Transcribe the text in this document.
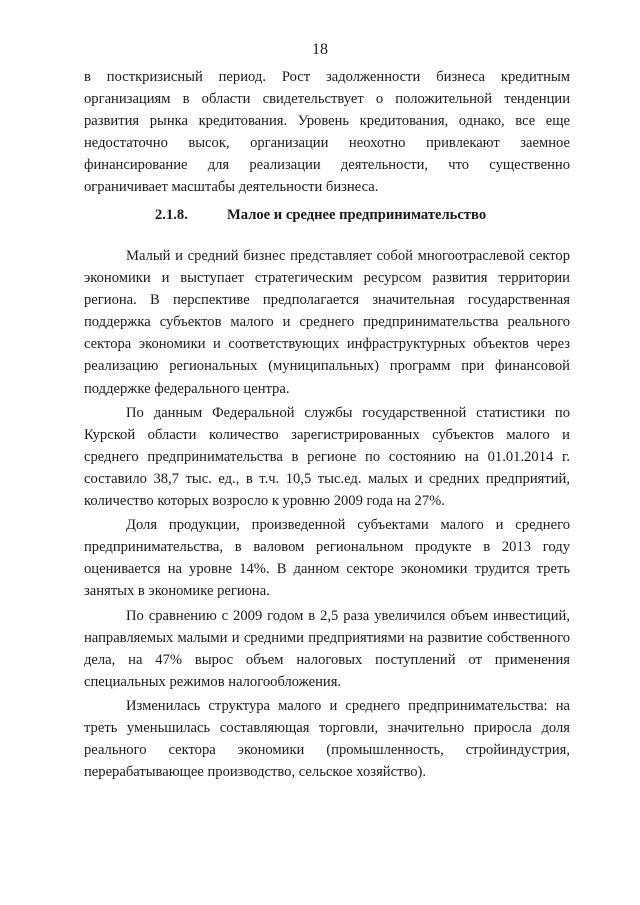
18

в посткризисный период. Рост задолженности бизнеса кредитным организациям в области свидетельствует о положительной тенденции развития рынка кредитования. Уровень кредитования, однако, все еще недостаточно высок, организации неохотно привлекают заемное финансирование для реализации деятельности, что существенно ограничивает масштабы деятельности бизнеса.

2.1.8.	Малое и среднее предпринимательство

Малый и средний бизнес представляет собой многоотраслевой сектор экономики и выступает стратегическим ресурсом развития территории региона. В перспективе предполагается значительная государственная поддержка субъектов малого и среднего предпринимательства реального сектора экономики и соответствующих инфраструктурных объектов через реализацию региональных (муниципальных) программ при финансовой поддержке федерального центра.

По данным Федеральной службы государственной статистики по Курской области количество зарегистрированных субъектов малого и среднего предпринимательства в регионе по состоянию на 01.01.2014 г. составило 38,7 тыс. ед., в т.ч. 10,5 тыс.ед. малых и средних предприятий, количество которых возросло к уровню 2009 года на 27%.

Доля продукции, произведенной субъектами малого и среднего предпринимательства, в валовом региональном продукте в 2013 году оценивается на уровне 14%. В данном секторе экономики трудится треть занятых в экономике региона.

По сравнению с 2009 годом в 2,5 раза увеличился объем инвестиций, направляемых малыми и средними предприятиями на развитие собственного дела, на 47% вырос объем налоговых поступлений от применения специальных режимов налогообложения.

Изменилась структура малого и среднего предпринимательства: на треть уменьшилась составляющая торговли, значительно приросла доля реального сектора экономики (промышленность, стройиндустрия, перерабатывающее производство, сельское хозяйство).
